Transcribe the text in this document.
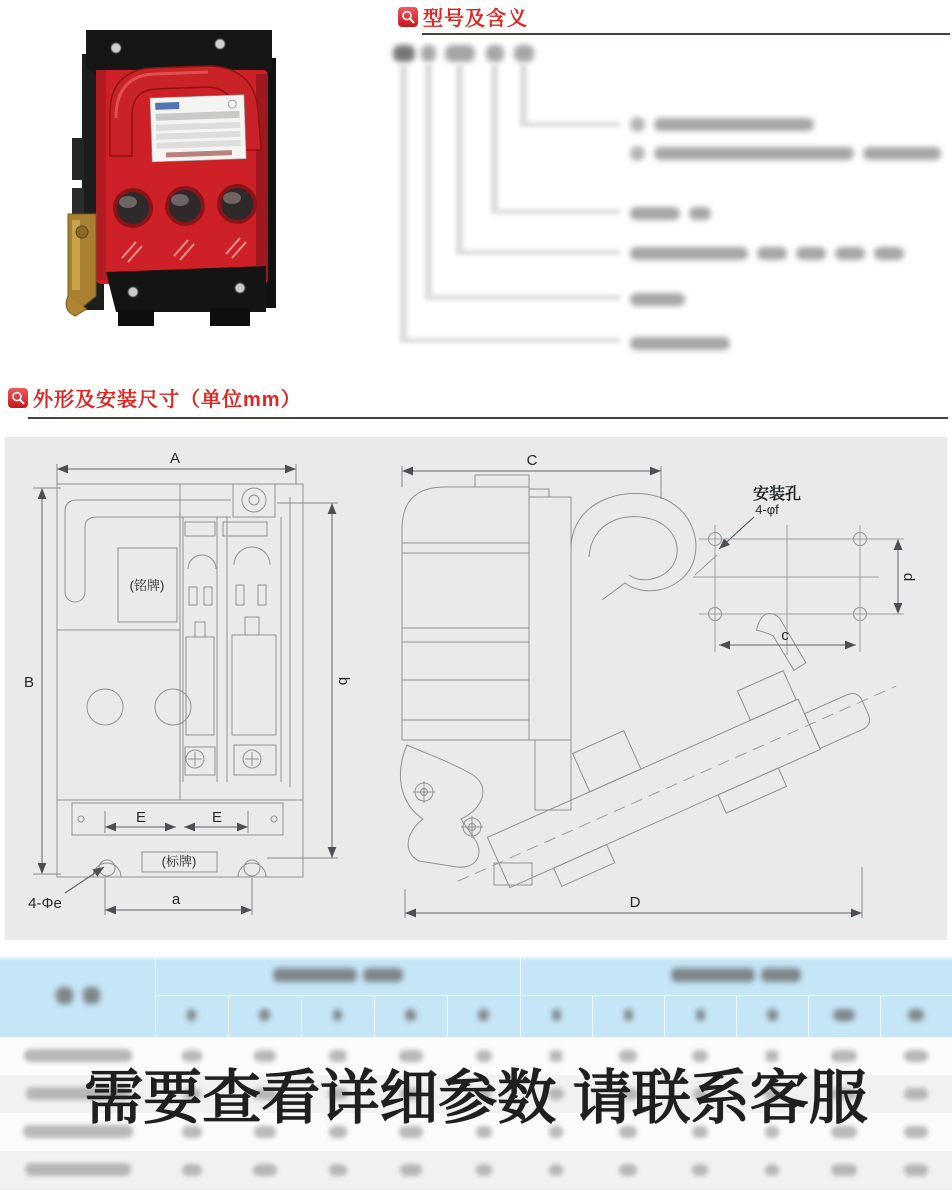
型号及含义
外形及安装尺寸（单位mm）
A
B	b
(铭牌)
E	E
(标牌)
a
4-Φe
C
D
安装孔
4-φf
d
c
需要查看详细参数 请联系客服
